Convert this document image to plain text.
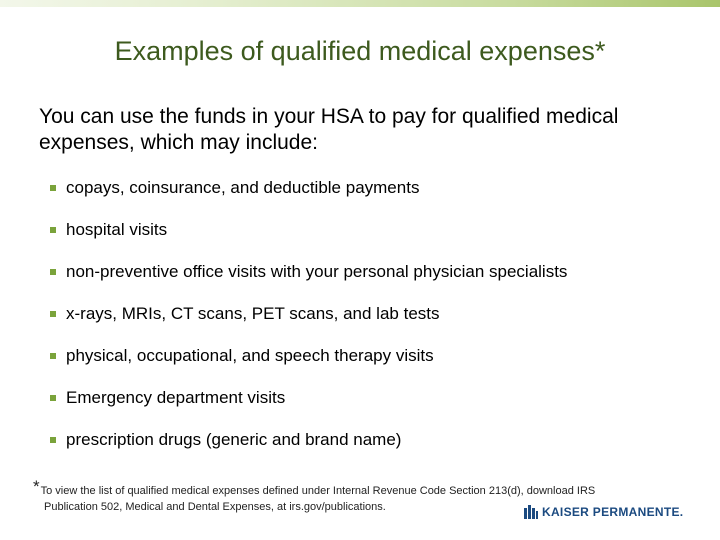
Examples of qualified medical expenses*
You can use the funds in your HSA to pay for qualified medical expenses, which may include:
copays, coinsurance, and deductible payments
hospital visits
non-preventive office visits with your personal physician specialists
x-rays, MRIs, CT scans, PET scans, and lab tests
physical, occupational, and speech therapy visits
Emergency department visits
prescription drugs (generic and brand name)
*To view the list of qualified medical expenses defined under Internal Revenue Code Section 213(d), download IRS
Publication 502, Medical and Dental Expenses, at irs.gov/publications.	KAISER PERMANENTE.
